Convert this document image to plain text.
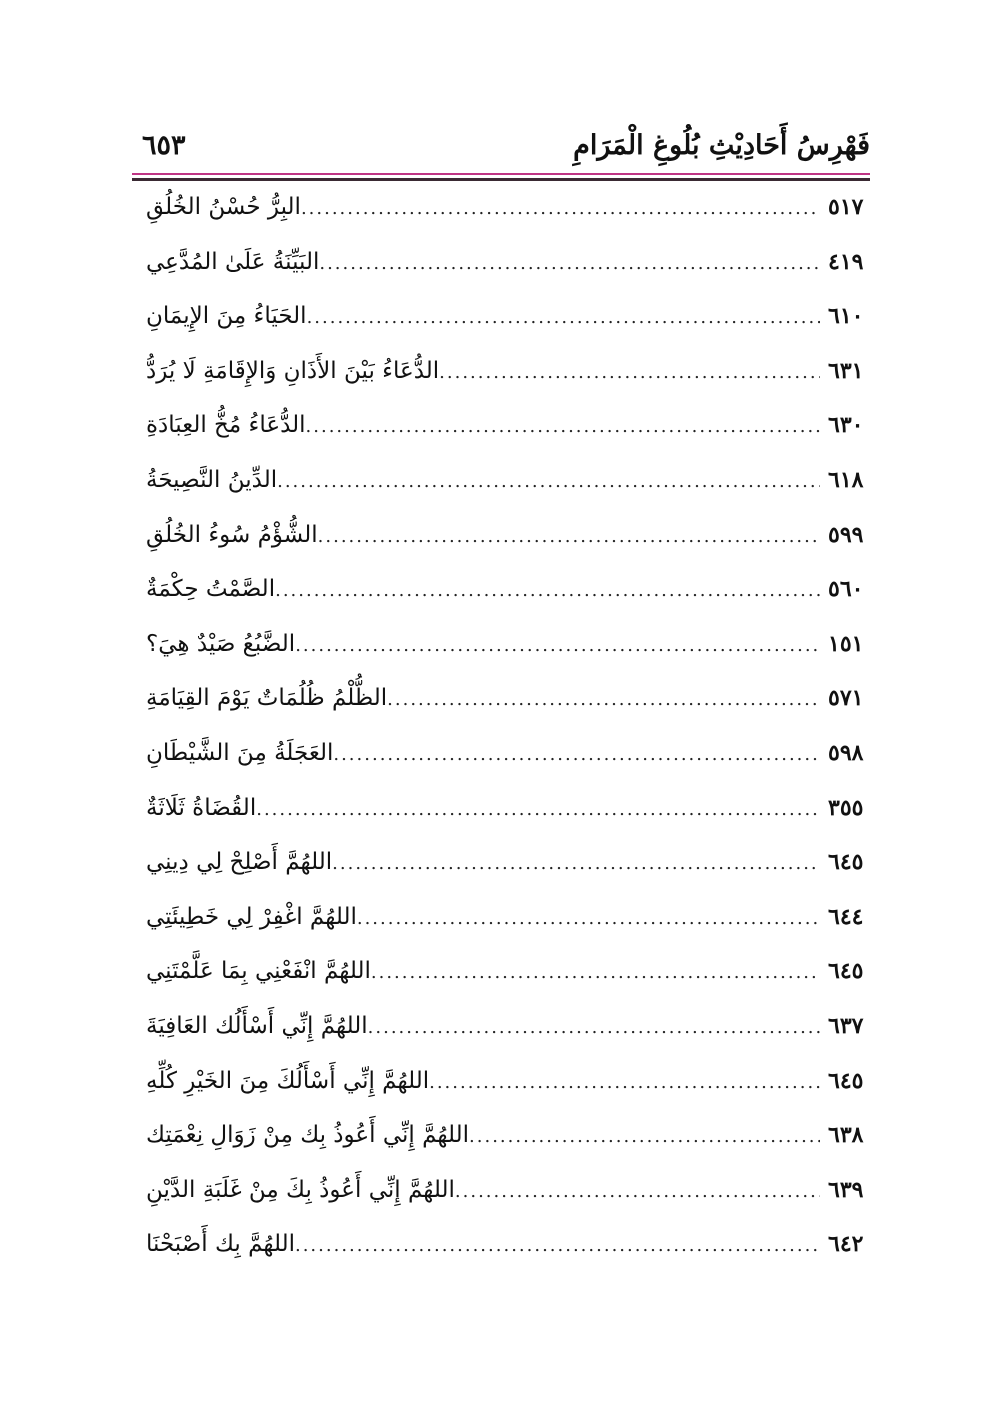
فَهْرِسُ أَحَادِيْثِ بُلُوغِ الْمَرَامِ
٦٥٣
البِرُّ حُسْنُ الخُلُقِ .....	٥١٧
البَيِّنَةُ عَلَىٰ المُدَّعِي .....	٤١٩
الحَيَاءُ مِنَ الإِيمَانِ .....	٦١٠
الدُّعَاءُ بَيْنَ الأَذَانِ وَالإِقَامَةِ لَا يُرَدُّ .....	٦٣١
الدُّعَاءُ مُخُّ العِبَادَةِ .....	٦٣٠
الدِّينُ النَّصِيحَةُ .....	٦١٨
الشُّؤْمُ سُوءُ الخُلُقِ .....	٥٩٩
الصَّمْتُ حِكْمَةٌ .....	٥٦٠
الضَّبُعُ صَيْدٌ هِيَ؟ .....	١٥١
الظُّلْمُ ظُلُمَاتٌ يَوْمَ القِيَامَةِ .....	٥٧١
العَجَلَةُ مِنَ الشَّيْطَانِ .....	٥٩٨
القُضَاةُ ثَلَاثَةٌ .....	٣٥٥
اللهُمَّ أَصْلِحْ لِي دِينِي .....	٦٤٥
اللهُمَّ اغْفِرْ لِي خَطِيئَتِي .....	٦٤٤
اللهُمَّ انْفَعْنِي بِمَا عَلَّمْتَنِي .....	٦٤٥
اللهُمَّ إِنِّي أَسْأَلُك العَافِيَةَ .....	٦٣٧
اللهُمَّ إِنِّي أَسْأَلُكَ مِنَ الخَيْرِ كُلِّهِ .....	٦٤٥
اللهُمَّ إِنِّي أَعُوذُ بِك مِنْ زَوَالِ نِعْمَتِك .....	٦٣٨
اللهُمَّ إِنِّي أَعُوذُ بِكَ مِنْ غَلَبَةِ الدَّيْنِ .....	٦٣٩
اللهُمَّ بِك أَصْبَحْنَا .....	٦٤٢
